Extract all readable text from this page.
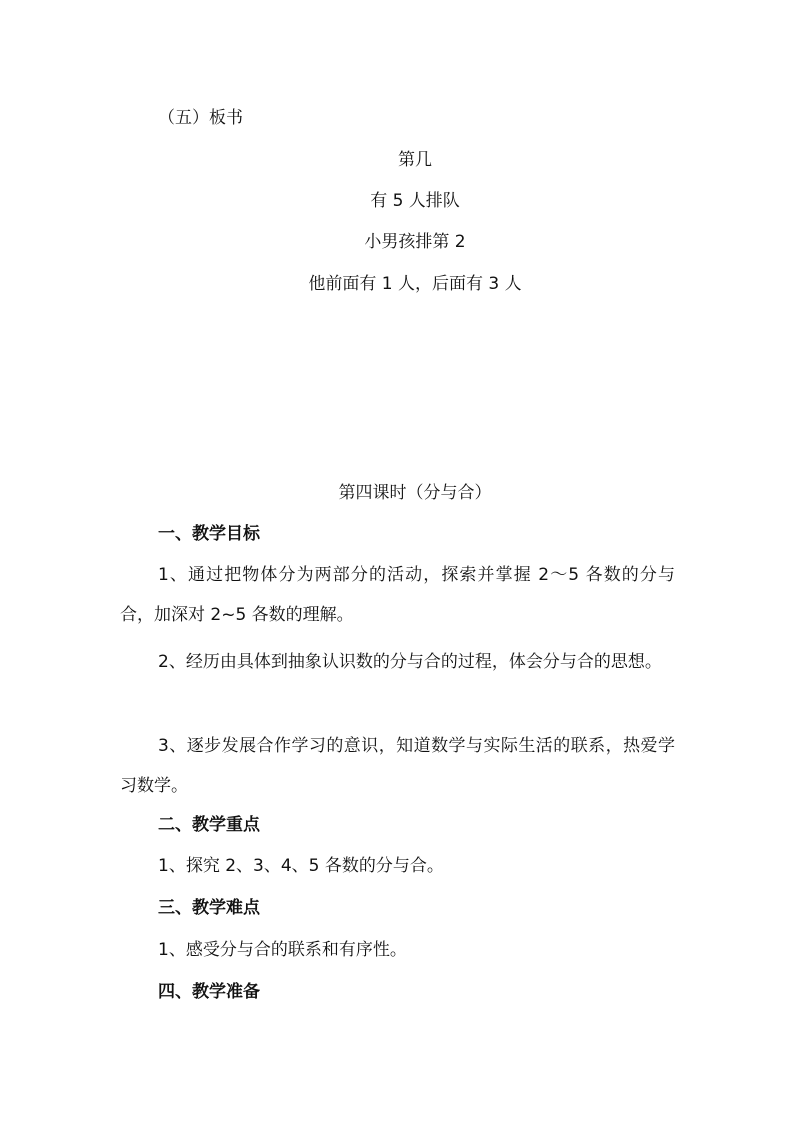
（五）板书
第几
有 5 人排队
小男孩排第 2
他前面有 1 人，后面有 3 人
第四课时（分与合）
一、教学目标
1、通过把物体分为两部分的活动，探索并掌握 2～5 各数的分与合，加深对 2~5 各数的理解。
2、经历由具体到抽象认识数的分与合的过程，体会分与合的思想。
3、逐步发展合作学习的意识，知道数学与实际生活的联系，热爱学习数学。
二、教学重点
1、探究 2、3、4、5 各数的分与合。
三、教学难点
1、感受分与合的联系和有序性。
四、教学准备
